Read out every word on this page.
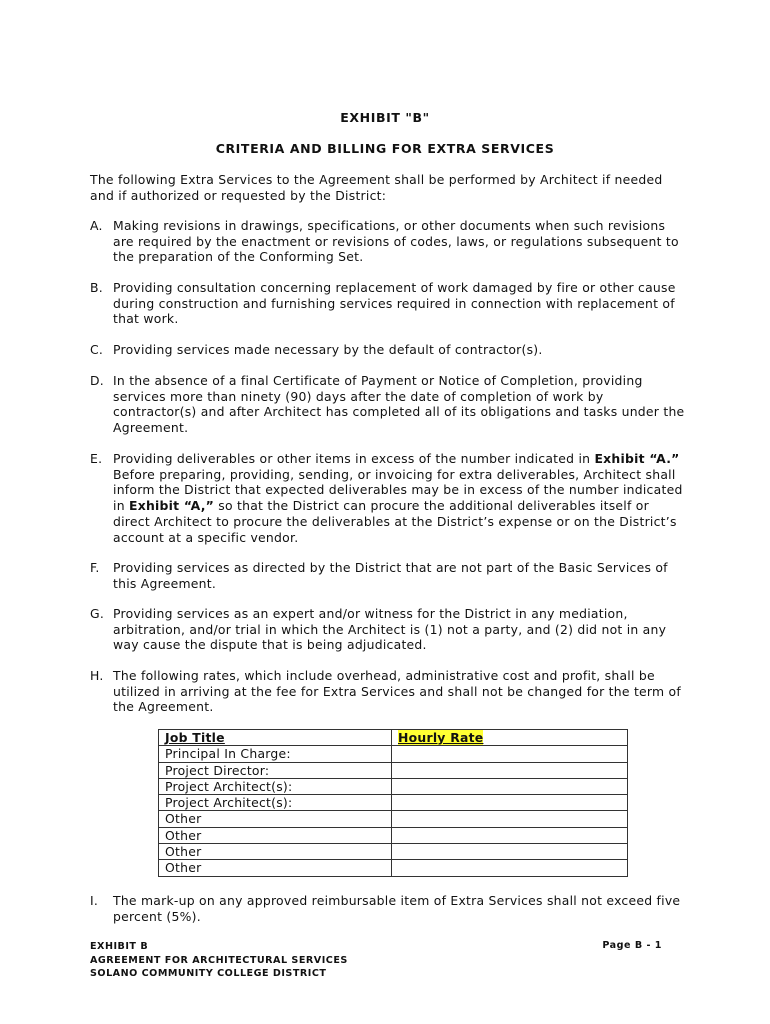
EXHIBIT "B"
CRITERIA AND BILLING FOR EXTRA SERVICES
The following Extra Services to the Agreement shall be performed by Architect if needed and if authorized or requested by the District:
A. Making revisions in drawings, specifications, or other documents when such revisions are required by the enactment or revisions of codes, laws, or regulations subsequent to the preparation of the Conforming Set.
B. Providing consultation concerning replacement of work damaged by fire or other cause during construction and furnishing services required in connection with replacement of that work.
C. Providing services made necessary by the default of contractor(s).
D. In the absence of a final Certificate of Payment or Notice of Completion, providing services more than ninety (90) days after the date of completion of work by contractor(s) and after Architect has completed all of its obligations and tasks under the Agreement.
E. Providing deliverables or other items in excess of the number indicated in Exhibit “A.” Before preparing, providing, sending, or invoicing for extra deliverables, Architect shall inform the District that expected deliverables may be in excess of the number indicated in Exhibit “A,” so that the District can procure the additional deliverables itself or direct Architect to procure the deliverables at the District’s expense or on the District’s account at a specific vendor.
F. Providing services as directed by the District that are not part of the Basic Services of this Agreement.
G. Providing services as an expert and/or witness for the District in any mediation, arbitration, and/or trial in which the Architect is (1) not a party, and (2) did not in any way cause the dispute that is being adjudicated.
H. The following rates, which include overhead, administrative cost and profit, shall be utilized in arriving at the fee for Extra Services and shall not be changed for the term of the Agreement.
Job Title	Hourly Rate
Principal In Charge:	
Project Director:	
Project Architect(s):	
Project Architect(s):	
Other	
Other	
Other	
Other	
I. The mark-up on any approved reimbursable item of Extra Services shall not exceed five percent (5%).
EXHIBIT B
AGREEMENT FOR ARCHITECTURAL SERVICES
SOLANO COMMUNITY COLLEGE DISTRICT
Page B - 1
